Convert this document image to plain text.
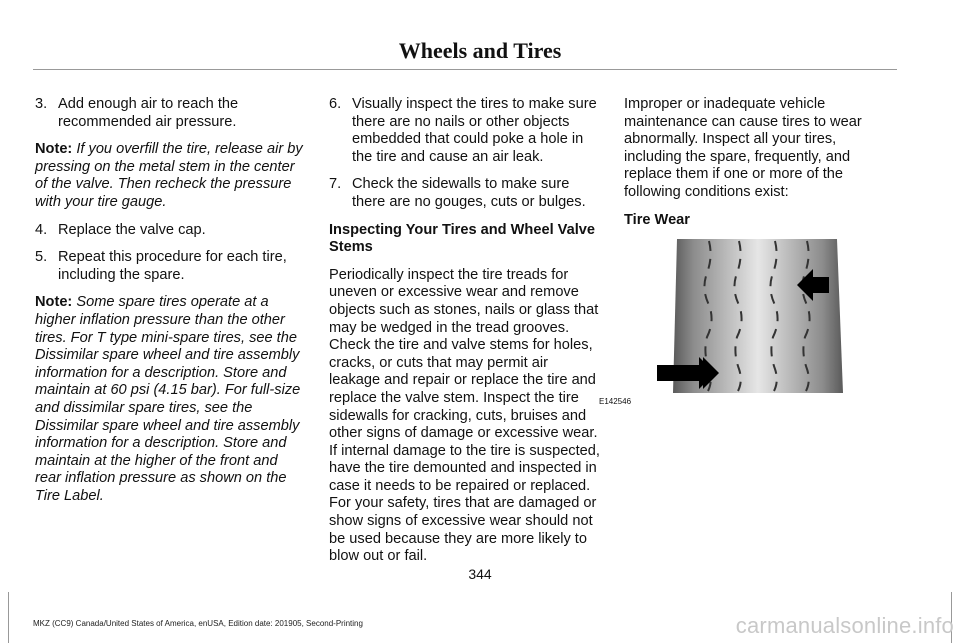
Wheels and Tires
3. Add enough air to reach the recommended air pressure.

Note: If you overfill the tire, release air by pressing on the metal stem in the center of the valve. Then recheck the pressure with your tire gauge.

4. Replace the valve cap.
5. Repeat this procedure for each tire, including the spare.

Note: Some spare tires operate at a higher inflation pressure than the other tires. For T type mini-spare tires, see the Dissimilar spare wheel and tire assembly information for a description. Store and maintain at 60 psi (4.15 bar). For full-size and dissimilar spare tires, see the Dissimilar spare wheel and tire assembly information for a description. Store and maintain at the higher of the front and rear inflation pressure as shown on the Tire Label.

6. Visually inspect the tires to make sure there are no nails or other objects embedded that could poke a hole in the tire and cause an air leak.
7. Check the sidewalls to make sure there are no gouges, cuts or bulges.

Inspecting Your Tires and Wheel Valve Stems

Periodically inspect the tire treads for uneven or excessive wear and remove objects such as stones, nails or glass that may be wedged in the tread grooves. Check the tire and valve stems for holes, cracks, or cuts that may permit air leakage and repair or replace the tire and replace the valve stem. Inspect the tire sidewalls for cracking, cuts, bruises and other signs of damage or excessive wear. If internal damage to the tire is suspected, have the tire demounted and inspected in case it needs to be repaired or replaced. For your safety, tires that are damaged or show signs of excessive wear should not be used because they are more likely to blow out or fail.

Improper or inadequate vehicle maintenance can cause tires to wear abnormally. Inspect all your tires, including the spare, frequently, and replace them if one or more of the following conditions exist:

Tire Wear

E142546
344
MKZ (CC9) Canada/United States of America, enUSA, Edition date: 201905, Second-Printing	carmanualsonline.info
